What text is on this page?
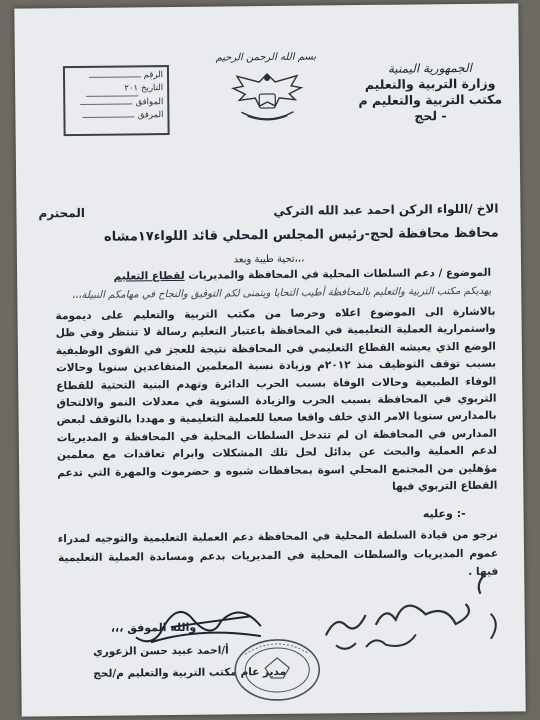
الجمهورية اليمنية
وزارة التربية والتعليم
مكتب التربية والتعليم م - لحج
بسم الله الرحمن الرحيم
الرقم
التاريخ٢٠١
الموافق
المرفق
الاخ /اللواء الركن احمد عبد الله التركي
المحترم
محافظ محافظة لحج-رئيس المجلس المحلي قائد اللواء١٧مشاه
تحية طيبة وبعد،،،
الموضوع / دعم السلطات المحلية في المحافظة والمديريات لقطاع التعليم
يهديكم مكتب التربية والتعليم بالمحافظة أطيب التحايا ويتمنى لكم التوفيق والنجاح في مهامكم النبيلة،،،
بالاشارة الى الموضوع اعلاه وحرصا من مكتب التربية والتعليم على ديمومة واستمرارية العملية التعليمية في المحافظة باعتبار التعليم رسالة لا تنتظر وفي ظل الوضع الذي يعيشه القطاع التعليمي في المحافظة نتيجة للعجز في القوى الوظيفية بسبب توقف التوظيف منذ ٢٠١٢م وزيادة نسبة المعلمين المتقاعدين سنويا وحالات الوفاء الطبيعية وحالات الوفاة بسبب الحرب الدائرة وتهدم البنية التحتية للقطاع التربوي في المحافظة بسبب الحرب والزيادة السنوية في معدلات النمو والالتحاق بالمدارس سنويا الامر الذي خلف واقعا صعبا للعملية التعليمية و مهددا بالتوقف لبعض المدارس في المحافظة ان لم تتدخل السلطات المحلية في المحافظة و المديريات لدعم العملية والبحث عن بدائل لحل تلك المشكلات وابرام تعاقدات مع معلمين مؤهلين من المجتمع المحلي اسوة بمحافظات شبوه و حضرموت والمهرة التي تدعم القطاع التربوي فيها
وعليه :-
نرجو من قيادة السلطة المحلية في المحافظة دعم العملية التعليمية والتوجيه لمدراء عموم المديريات والسلطات المحلية في المديريات بدعم ومساندة العملية التعليمية فيها .
والله الموفق ،،،
أ/احمد عبيد حسن الزعوري
مدير عام مكتب التربية والتعليم م/لحج
